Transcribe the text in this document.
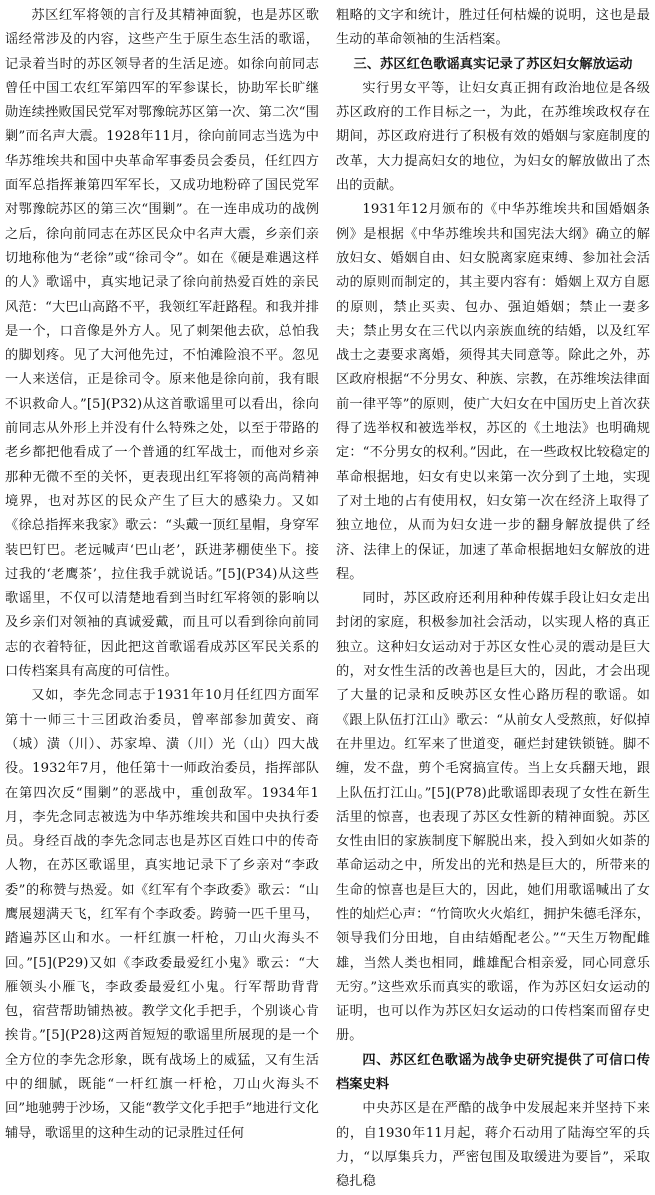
苏区红军将领的言行及其精神面貌，也是苏区歌谣经常涉及的内容，这些产生于原生态生活的歌谣，记录着当时的苏区领导者的生活足迹。如徐向前同志曾任中国工农红军第四军的军参谋长，协助军长旷继勋连续挫败国民党军对鄂豫皖苏区第一次、第二次“围剿”而名声大震。1928年11月，徐向前同志当选为中华苏维埃共和国中央革命军事委员会委员，任红四方面军总指挥兼第四军军长，又成功地粉碎了国民党军对鄂豫皖苏区的第三次“围剿”。在一连串成功的战例之后，徐向前同志在苏区民众中名声大震，乡亲们亲切地称他为“老徐”或“徐司令”。如在《硬是难遇这样的人》歌谣中，真实地记录了徐向前热爱百姓的亲民风范：“大巴山高路不平，我领红军赶路程。和我并排是一个，口音像是外方人。见了刺架他去砍，总怕我的脚划疼。见了大河他先过，不怕滩险浪不平。忽见一人来送信，正是徐司令。原来他是徐向前，我有眼不识救命人。”[5](P32)从这首歌谣里可以看出，徐向前同志从外形上并没有什么特殊之处，以至于带路的老乡都把他看成了一个普通的红军战士，而他对乡亲那种无微不至的关怀，更表现出红军将领的高尚精神境界，也对苏区的民众产生了巨大的感染力。又如《徐总指挥来我家》歌云：“头戴一顶红星帽，身穿军装巴钉巴。老远喊声‘巴山老’，跃进茅棚使坐下。接过我的‘老鹰茶’，拉住我手就说话。”[5](P34)从这些歌谣里，不仅可以清楚地看到当时红军将领的影响以及乡亲们对领袖的真诚爱戴，而且可以看到徐向前同志的衣着特征，因此把这首歌谣看成苏区军民关系的口传档案具有高度的可信性。

又如，李先念同志于1931年10月任红四方面军第十一师三十三团政治委员，曾率部参加黄安、商（城）潢（川）、苏家埠、潢（川）光（山）四大战役。1932年7月，他任第十一师政治委员，指挥部队在第四次反“围剿”的恶战中，重创敌军。1934年1月，李先念同志被选为中华苏维埃共和国中央执行委员。身经百战的李先念同志也是苏区百姓口中的传奇人物，在苏区歌谣里，真实地记录下了乡亲对“李政委”的称赞与热爱。如《红军有个李政委》歌云：“山鹰展翅满天飞，红军有个李政委。跨骑一匹千里马，踏遍苏区山和水。一杆红旗一杆枪，刀山火海头不回。”[5](P29)又如《李政委最爱红小鬼》歌云：“大雁领头小雁飞，李政委最爱红小鬼。行军帮助背背包，宿营帮助铺热被。教学文化手把手，个别谈心肯挨肯。”[5](P28)这两首短短的歌谣里所展现的是一个全方位的李先念形象，既有战场上的威猛，又有生活中的细腻，既能“一杆红旗一杆枪，刀山火海头不回”地驰骋于沙场，又能“教学文化手把手”地进行文化辅导，歌谣里的这种生动的记录胜过任何

粗略的文字和统计，胜过任何枯燥的说明，这也是最生动的革命领袖的生活档案。

三、苏区红色歌谣真实记录了苏区妇女解放运动

实行男女平等，让妇女真正拥有政治地位是各级苏区政府的工作目标之一，为此，在苏维埃政权存在期间，苏区政府进行了积极有效的婚姻与家庭制度的改革，大力提高妇女的地位，为妇女的解放做出了杰出的贡献。

1931年12月颁布的《中华苏维埃共和国婚姻条例》是根据《中华苏维埃共和国宪法大纲》确立的解放妇女、婚姻自由、妇女脱离家庭束缚、参加社会活动的原则而制定的，其主要内容有：婚姻上双方自愿的原则，禁止买卖、包办、强迫婚姻；禁止一妻多夫；禁止男女在三代以内亲族血统的结婚，以及红军战士之妻要求离婚，须得其夫同意等。除此之外，苏区政府根据“不分男女、种族、宗教，在苏维埃法律面前一律平等”的原则，使广大妇女在中国历史上首次获得了选举权和被选举权，苏区的《土地法》也明确规定：“不分男女的权利。”因此，在一些政权比较稳定的革命根据地，妇女有史以来第一次分到了土地，实现了对土地的占有使用权，妇女第一次在经济上取得了独立地位，从而为妇女进一步的翻身解放提供了经济、法律上的保证，加速了革命根据地妇女解放的进程。

同时，苏区政府还利用种种传媒手段让妇女走出封闭的家庭，积极参加社会活动，以实现人格的真正独立。这种妇女运动对于苏区女性心灵的震动是巨大的，对女性生活的改善也是巨大的，因此，才会出现了大量的记录和反映苏区女性心路历程的歌谣。如《跟上队伍打江山》歌云：“从前女人受熬煎，好似掉在井里边。红军来了世道变，砸烂封建铁锁链。脚不缠，发不盘，剪个毛窝搞宣传。当上女兵翻天地，跟上队伍打江山。”[5](P78)此歌谣即表现了女性在新生活里的惊喜，也表现了苏区女性新的精神面貌。苏区女性由旧的家族制度下解脱出来，投入到如火如荼的革命运动之中，所发出的光和热是巨大的，所带来的生命的惊喜也是巨大的，因此，她们用歌谣喊出了女性的灿烂心声：“竹筒吹火火焰红，拥护朱德毛泽东，领导我们分田地，自由结婚配老公。”“天生万物配雌雄，当然人类也相同，雌雄配合相亲爱，同心同意乐无穷。”这些欢乐而真实的歌谣，作为苏区妇女运动的证明，也可以作为苏区妇女运动的口传档案而留存史册。

四、苏区红色歌谣为战争史研究提供了可信口传档案史料

中央苏区是在严酷的战争中发展起来并坚持下来的，自1930年11月起，蒋介石动用了陆海空军的兵力，“以厚集兵力，严密包围及取缓进为要旨”，采取稳扎稳
